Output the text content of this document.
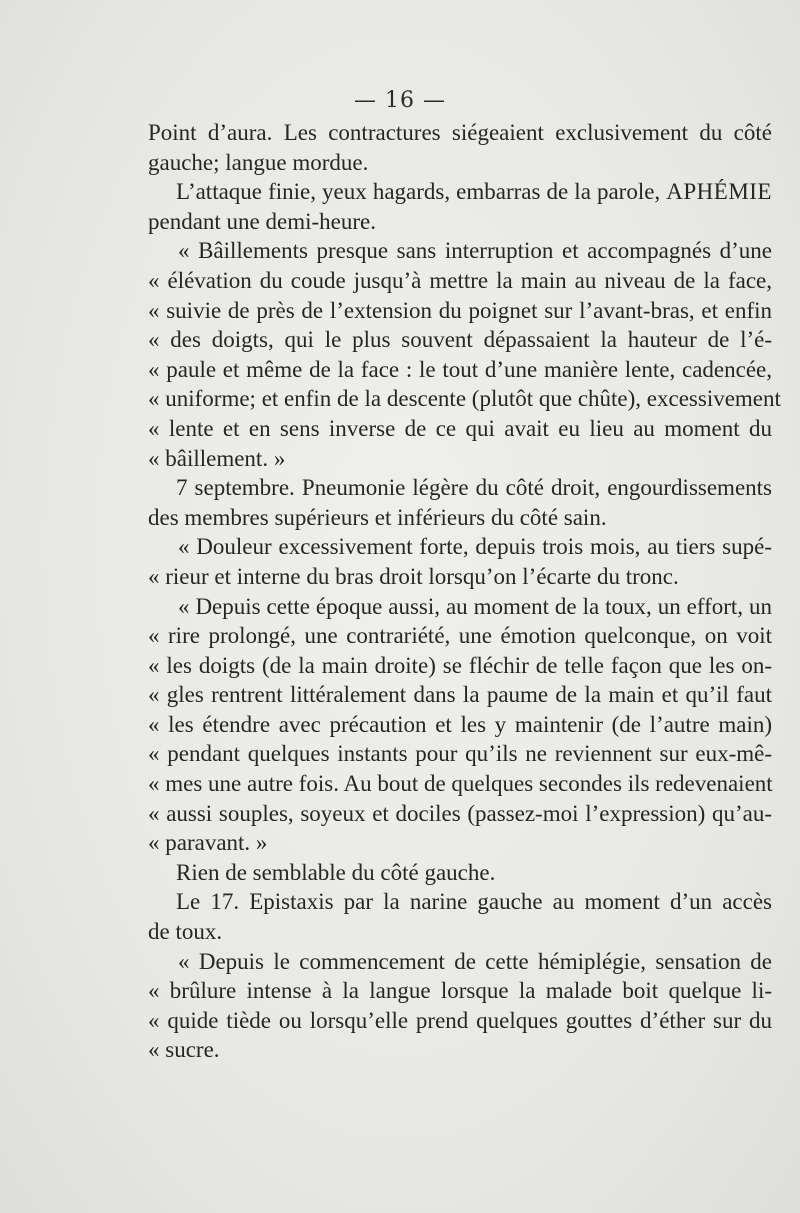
— 16 —
Point d’aura. Les contractures siégeaient exclusivement du côté
gauche; langue mordue.
L’attaque finie, yeux hagards, embarras de la parole, APHÉMIE
pendant une demi-heure.
« Bâillements presque sans interruption et accompagnés d’une
« élévation du coude jusqu’à mettre la main au niveau de la face,
« suivie de près de l’extension du poignet sur l’avant-bras, et enfin
« des doigts, qui le plus souvent dépassaient la hauteur de l’é-
« paule et même de la face : le tout d’une manière lente, cadencée,
« uniforme; et enfin de la descente (plutôt que chûte), excessivement
« lente et en sens inverse de ce qui avait eu lieu au moment du
« bâillement. »
7 septembre. Pneumonie légère du côté droit, engourdissements
des membres supérieurs et inférieurs du côté sain.
« Douleur excessivement forte, depuis trois mois, au tiers supé-
« rieur et interne du bras droit lorsqu’on l’écarte du tronc.
« Depuis cette époque aussi, au moment de la toux, un effort, un
« rire prolongé, une contrariété, une émotion quelconque, on voit
« les doigts (de la main droite) se fléchir de telle façon que les on-
« gles rentrent littéralement dans la paume de la main et qu’il faut
« les étendre avec précaution et les y maintenir (de l’autre main)
« pendant quelques instants pour qu’ils ne reviennent sur eux-mê-
« mes une autre fois. Au bout de quelques secondes ils redevenaient
« aussi souples, soyeux et dociles (passez-moi l’expression) qu’au-
« paravant. »
Rien de semblable du côté gauche.
Le 17. Epistaxis par la narine gauche au moment d’un accès
de toux.
« Depuis le commencement de cette hémiplégie, sensation de
« brûlure intense à la langue lorsque la malade boit quelque li-
« quide tiède ou lorsqu’elle prend quelques gouttes d’éther sur du
« sucre.
